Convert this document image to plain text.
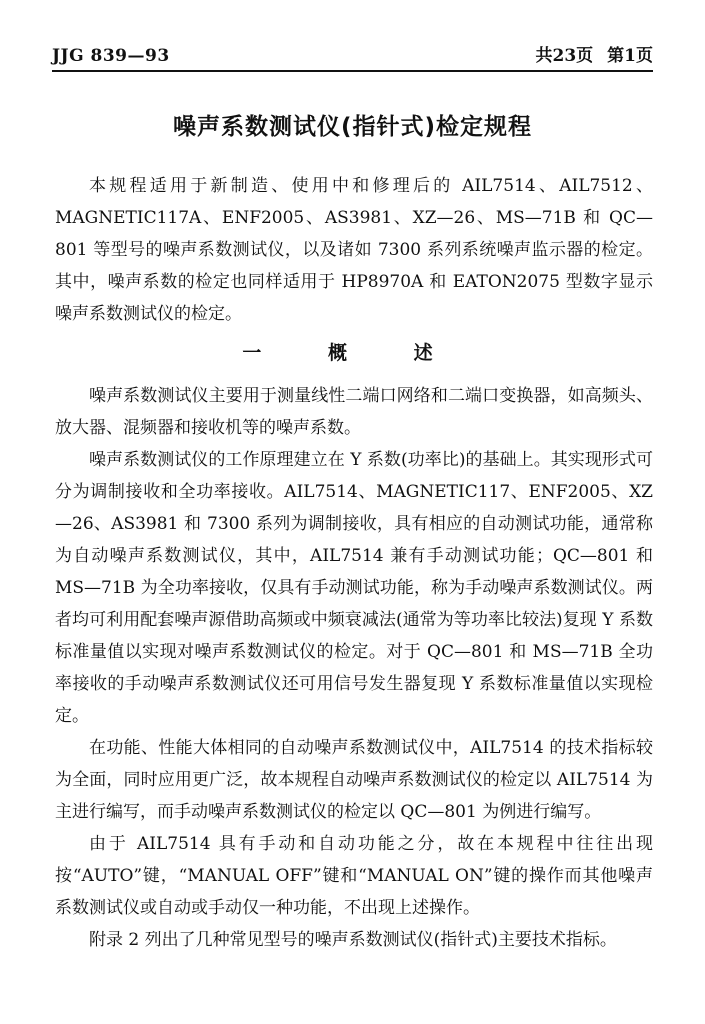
JJG 839—93	共23页 第1页
噪声系数测试仪(指针式)检定规程

本规程适用于新制造、使用中和修理后的 AIL7514、AIL7512、MAGNETIC117A、ENF2005、AS3981、XZ—26、MS—71B 和 QC—801 等型号的噪声系数测试仪，以及诸如 7300 系列系统噪声监示器的检定。其中，噪声系数的检定也同样适用于 HP8970A 和 EATON2075 型数字显示噪声系数测试仪的检定。

一 概 述

噪声系数测试仪主要用于测量线性二端口网络和二端口变换器，如高频头、放大器、混频器和接收机等的噪声系数。

噪声系数测试仪的工作原理建立在 Y 系数(功率比)的基础上。其实现形式可分为调制接收和全功率接收。AIL7514、MAGNETIC117、ENF2005、XZ—26、AS3981 和 7300 系列为调制接收，具有相应的自动测试功能，通常称为自动噪声系数测试仪，其中，AIL7514 兼有手动测试功能；QC—801 和 MS—71B 为全功率接收，仅具有手动测试功能，称为手动噪声系数测试仪。两者均可利用配套噪声源借助高频或中频衰减法(通常为等功率比较法)复现 Y 系数标准量值以实现对噪声系数测试仪的检定。对于 QC—801 和 MS—71B 全功率接收的手动噪声系数测试仪还可用信号发生器复现 Y 系数标准量值以实现检定。

在功能、性能大体相同的自动噪声系数测试仪中，AIL7514 的技术指标较为全面，同时应用更广泛，故本规程自动噪声系数测试仪的检定以 AIL7514 为主进行编写，而手动噪声系数测试仪的检定以 QC—801 为例进行编写。

由于 AIL7514 具有手动和自动功能之分，故在本规程中往往出现按“AUTO”键，“MANUAL OFF”键和“MANUAL ON”键的操作而其他噪声系数测试仪或自动或手动仅一种功能，不出现上述操作。

附录 2 列出了几种常见型号的噪声系数测试仪(指针式)主要技术指标。
